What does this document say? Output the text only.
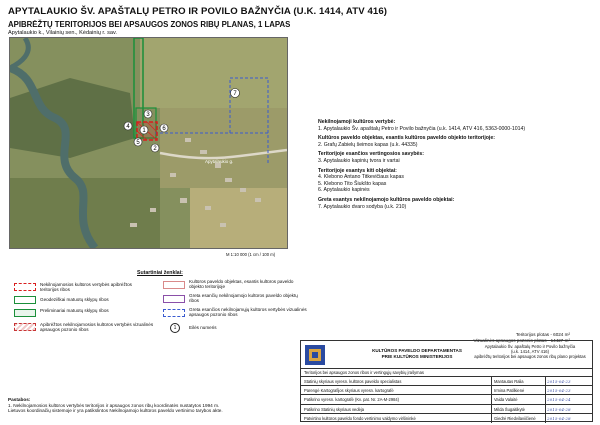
APYTALAUKIO ŠV. APAŠTALŲ PETRO IR POVILO BAŽNYČIA (U.K. 1414, ATV 416)
APIBRĖŽTŲ TERITORIJOS BEI APSAUGOS ZONOS RIBŲ PLANAS, 1 LAPAS
Apytalaukio k., Vilainių sen., Kėdainių r. sav.
1
2
3
4
5
6
7
Apytalaukio g.
M 1:10 000 (1 cm / 100 m)
Nekilnojamoji kultūros vertybė:
1. Apytalaukio Šv. apaštalų Petro ir Povilo bažnyčia (u.k. 1414, ATV 416, 5363-0000-1014)
Kultūros paveldo objektas, esantis kultūros paveldo objekto teritorijoje:
2. Grafų Zabielų šeimos kapas (u.k. 44335)
Teritorijoje esančios vertingosios savybės:
3. Apytalaukio kapinių tvora ir vartai
Teritorijoje esantys kiti objektai:
4. Klebono Antano Titkevičiaus kapas
5. Klebono Tito Šiukšto kapas
6. Apytalaukio kapinės
Greta esantys nekilnojamojo kultūros paveldo objektai:
7. Apytalaukio dvaro sodyba (u.k. 210)
Sutartiniai ženklai:
Nekilnojamosios kultūros vertybės apibrėžtos teritorijos ribos
Geodeziškai matuotų sklypų ribos
Preliminariai matuotų sklypų ribos
Apibrėžtos nekilnojamosios kultūros vertybės vizualinės apsaugos pozonio ribos
Kultūros paveldo objektas, esantis kultūros paveldo objekto teritorijoje
Greta esančių nekilnojamojo kultūros paveldo objektų ribos
Greta esančios nekilnojamųjų kultūros vertybės vizualinės apsaugos pozonio ribos
1	Eilės numeris
Teritorijos plotas - 6024 m²
Vizualinės apsaugos pozonio plotas - 14427 m²
KULTŪROS PAVELDO DEPARTAMENTAS
PRIE KULTŪROS MINISTERIJOS
Apytalaukio Šv. apaštalų Petro ir Povilo bažnyčia
(u.k. 1414, ATV 416)
apibrėžtų teritorijos bei apsaugos zonos ribų plano projektas
Teritorijos bei apsaugos zonos ribos ir vertingųjų savybių įrašymas
Statinių skyriaus vyresn. kultūros paveldo specialistas	Mantautas Ralia	2015-04-23
Parengė Kartografijos skyriaus vyresn. kartografė	Irmina Patilkienė	2015-04-23
Patikrino vyresn. kartografė (Kv. pat. Nr. 2A-M-2984)	Vaida Valaitė	2015-04-24
Patikrino Statinių skyriaus vedėja	Milda Šugaitikytė	2015-04-28
Patvirtino kultūros paveldo fondo vertinimo valdymo viršininkė	Giedrė Riedvilaviičienė	2015-04-28
Pastabos:
1. Nekilnojamosios kultūros vertybės teritorijos ir apsaugos zonos ribų koordinatės nustatytos 1994 m.
Lietuvos koordinačių sistemoje ir yra patikslintos Nekilnojamojo kultūros paveldo vertinimo tarybos akte.
